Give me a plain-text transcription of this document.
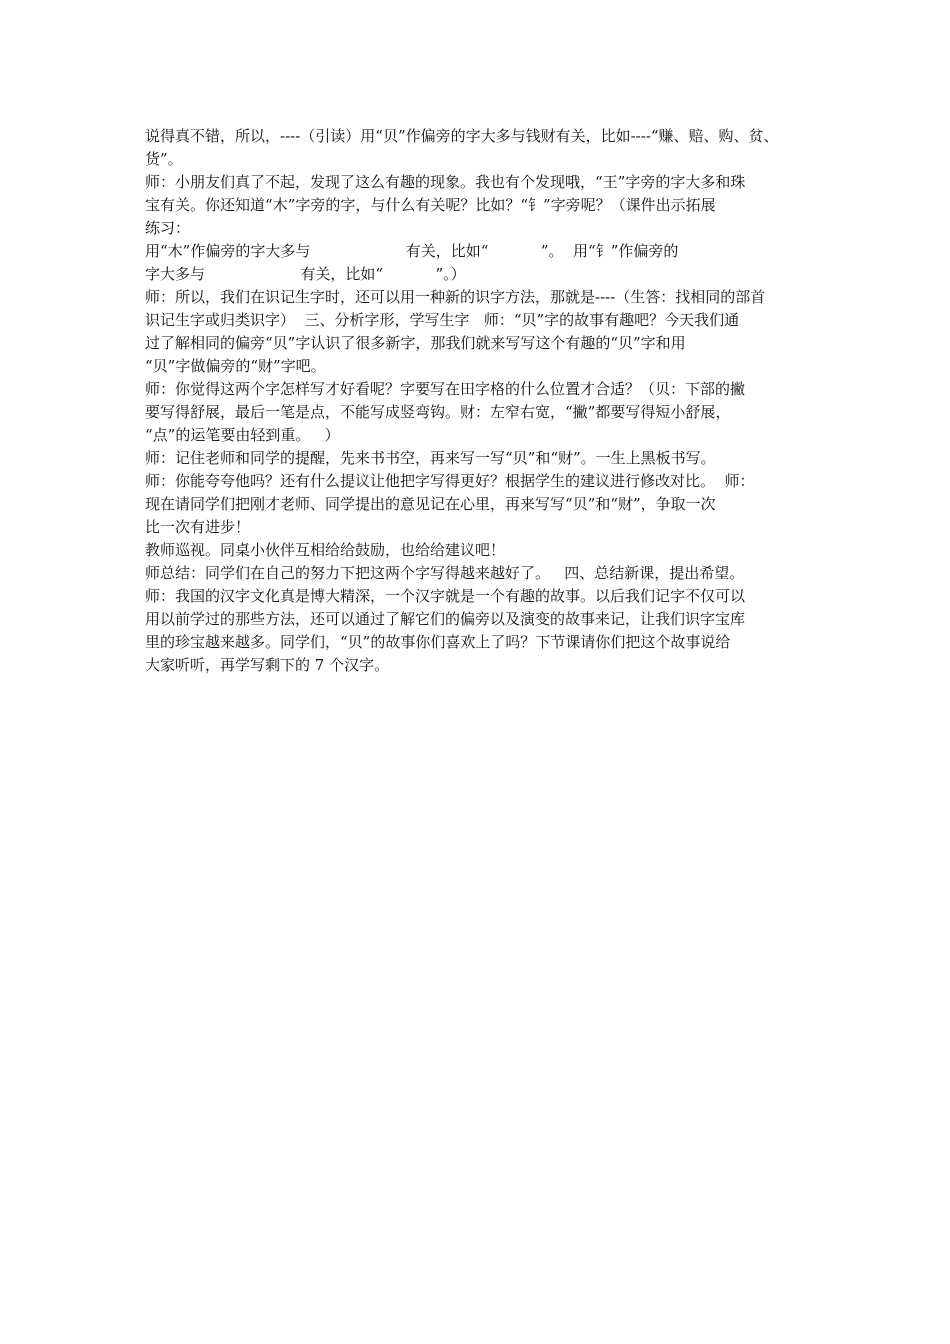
说得真不错，所以，----（引读）用“贝”作偏旁的字大多与钱财有关，比如----“赚、赔、购、贫、
货”。
师：小朋友们真了不起，发现了这么有趣的现象。我也有个发现哦，“王”字旁的字大多和珠
宝有关。你还知道“木”字旁的字，与什么有关呢？比如？“钅”字旁呢？（课件出示拓展
练习：
用“木”作偏旁的字大多与                    有关，比如“           ”。  用“钅”作偏旁的
字大多与                    有关，比如“           ”。）
师：所以，我们在识记生字时，还可以用一种新的识字方法，那就是----（生答：找相同的部首
识记生字或归类识字）  三、分析字形，学写生字   师：“贝”字的故事有趣吧？今天我们通
过了解相同的偏旁“贝”字认识了很多新字，那我们就来写写这个有趣的“贝”字和用
“贝”字做偏旁的“财”字吧。
师：你觉得这两个字怎样写才好看呢？字要写在田字格的什么位置才合适？（贝：下部的撇
要写得舒展，最后一笔是点，不能写成竖弯钩。财：左窄右宽，“撇”都要写得短小舒展，
“点”的运笔要由轻到重。   ）
师：记住老师和同学的提醒，先来书书空，再来写一写“贝”和“财”。一生上黑板书写。
师：你能夸夸他吗？还有什么提议让他把字写得更好？根据学生的建议进行修改对比。  师：
现在请同学们把刚才老师、同学提出的意见记在心里，再来写写“贝”和“财”，争取一次
比一次有进步！
教师巡视。同桌小伙伴互相给给鼓励，也给给建议吧！
师总结：同学们在自己的努力下把这两个字写得越来越好了。   四、总结新课，提出希望。
师：我国的汉字文化真是博大精深，一个汉字就是一个有趣的故事。以后我们记字不仅可以
用以前学过的那些方法，还可以通过了解它们的偏旁以及演变的故事来记，让我们识字宝库
里的珍宝越来越多。同学们，“贝”的故事你们喜欢上了吗？下节课请你们把这个故事说给
大家听听，再学写剩下的 7 个汉字。
